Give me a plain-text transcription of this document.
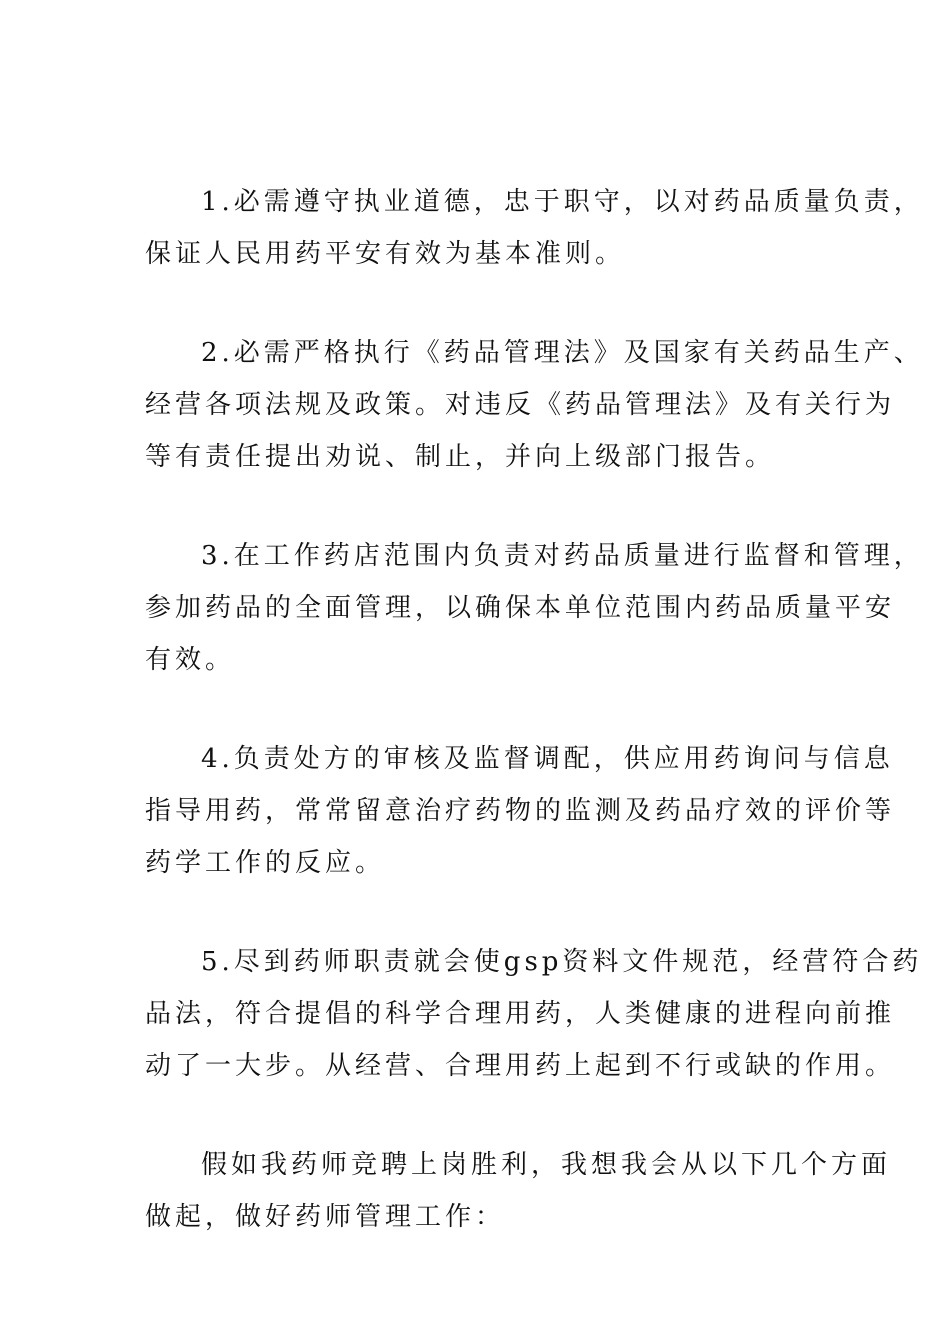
1.必需遵守执业道德，忠于职守，以对药品质量负责，
保证人民用药平安有效为基本准则。
2.必需严格执行《药品管理法》及国家有关药品生产、
经营各项法规及政策。对违反《药品管理法》及有关行为
等有责任提出劝说、制止，并向上级部门报告。
3.在工作药店范围内负责对药品质量进行监督和管理，
参加药品的全面管理，以确保本单位范围内药品质量平安
有效。
4.负责处方的审核及监督调配，供应用药询问与信息
指导用药，常常留意治疗药物的监测及药品疗效的评价等
药学工作的反应。
5.尽到药师职责就会使gsp资料文件规范，经营符合药
品法，符合提倡的科学合理用药，人类健康的进程向前推
动了一大步。从经营、合理用药上起到不行或缺的作用。
假如我药师竞聘上岗胜利，我想我会从以下几个方面
做起，做好药师管理工作：
